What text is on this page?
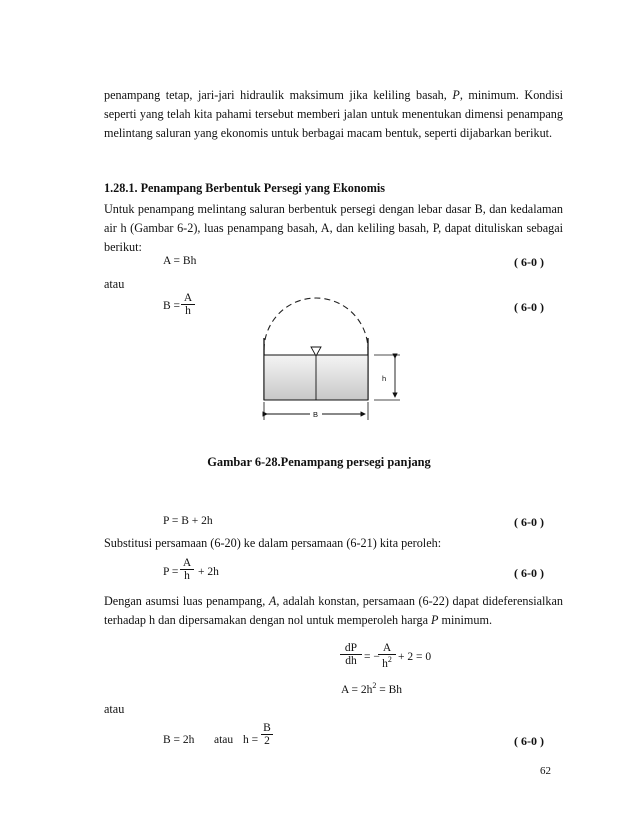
penampang tetap, jari-jari hidraulik maksimum jika keliling basah, P, minimum. Kondisi seperti yang telah kita pahami tersebut memberi jalan untuk menentukan dimensi penampang melintang saluran yang ekonomis untuk berbagai macam bentuk, seperti dijabarkan berikut.
1.28.1. Penampang Berbentuk Persegi yang Ekonomis
Untuk penampang melintang saluran berbentuk persegi dengan lebar dasar B, dan kedalaman air h (Gambar 6-2), luas penampang basah, A, dan keliling basah, P, dapat dituliskan sebagai berikut:
A = Bh	( 6-0 )
atau
B =
A
h	( 6-0 )
h
B
Gambar 6-28.Penampang persegi panjang
P = B + 2h	( 6-0 )
Substitusi persamaan (6-20) ke dalam persamaan (6-21) kita peroleh:
P =
A
h + 2h	( 6-0 )
Dengan asumsi luas penampang, A, adalah konstan, persamaan (6-22) dapat dideferensialkan terhadap h dan dipersamakan dengan nol untuk memperoleh harga P minimum.
dP
dh = −
A
$h^2 + 2 = 0$
$A = 2h^2 = Bh$
atau
B = 2h atau h =
B
2	( 6-0 )
62
